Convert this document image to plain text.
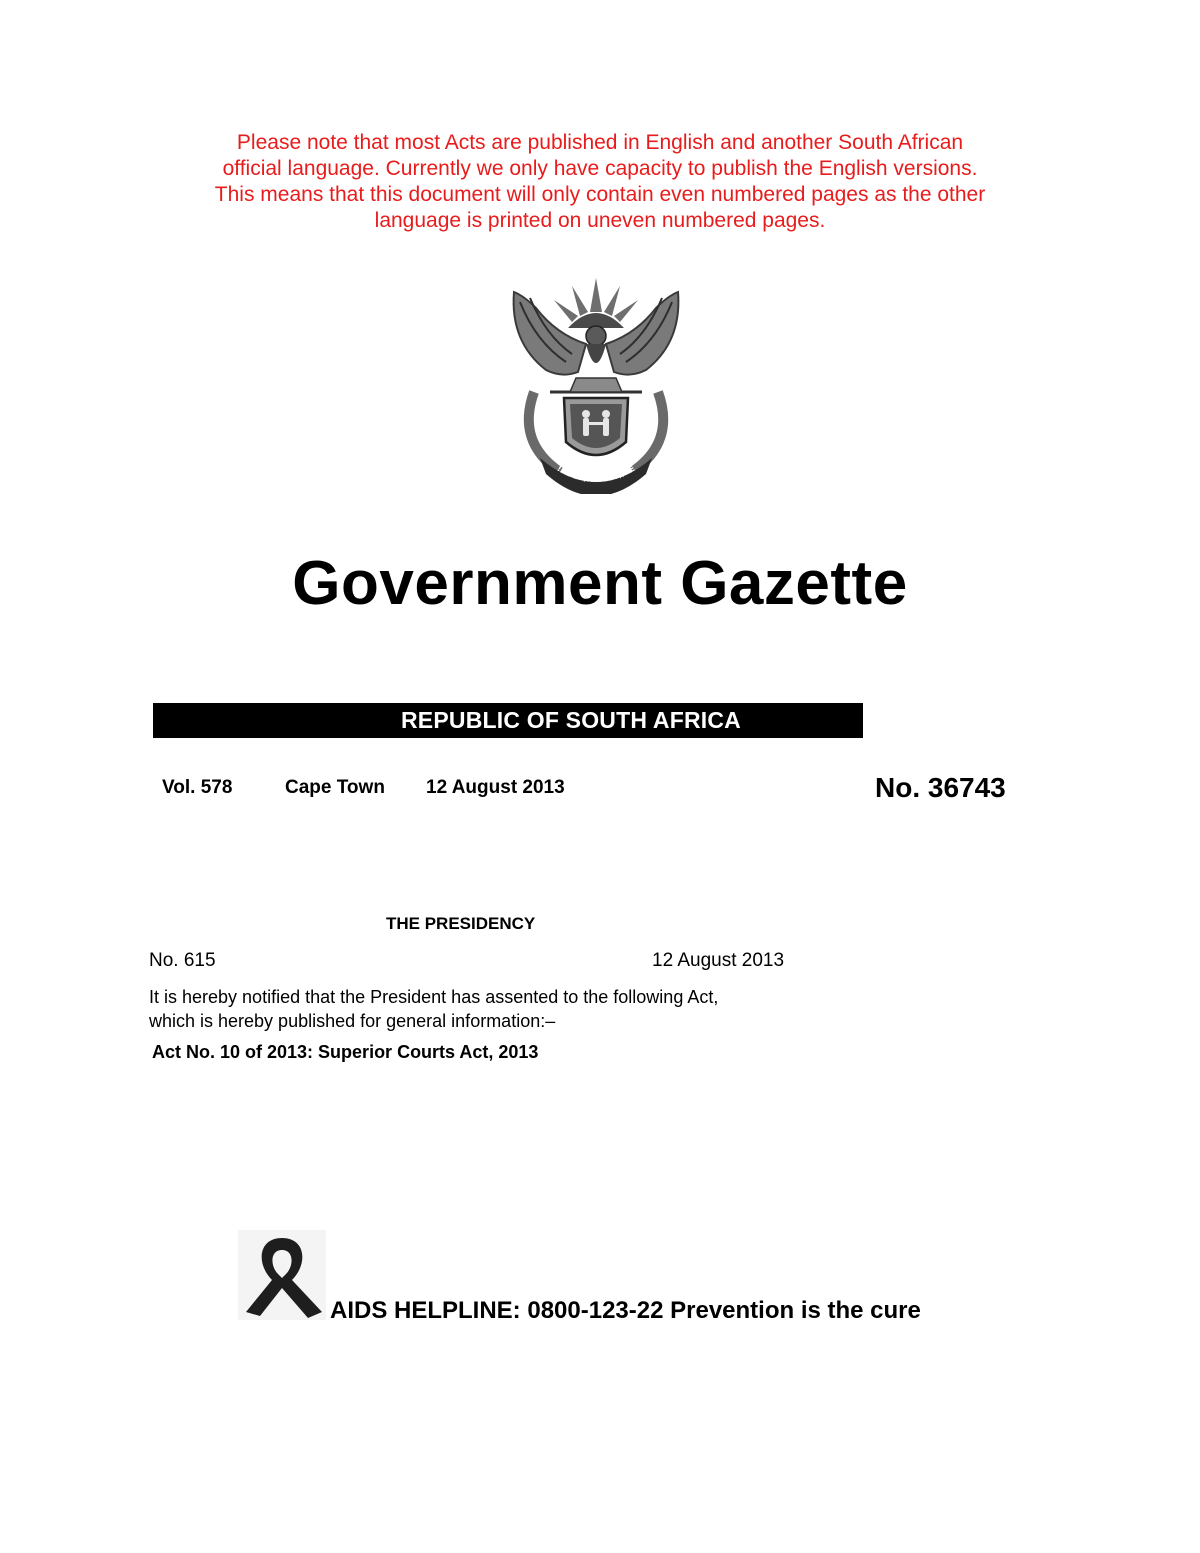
Please note that most Acts are published in English and another South African
official language. Currently we only have capacity to publish the English versions.
This means that this document will only contain even numbered pages as the other
language is printed on uneven numbered pages.
!KE E: /XARRA //KE
Government Gazette
REPUBLIC OF SOUTH AFRICA
Vol. 578	Cape Town 12 August 2013	No. 36743
THE PRESIDENCY
No. 615	12 August 2013
It is hereby notified that the President has assented to the following Act,
which is hereby published for general information:–
Act No. 10 of 2013: Superior Courts Act, 2013
AIDS HELPLINE: 0800-123-22 Prevention is the cure
